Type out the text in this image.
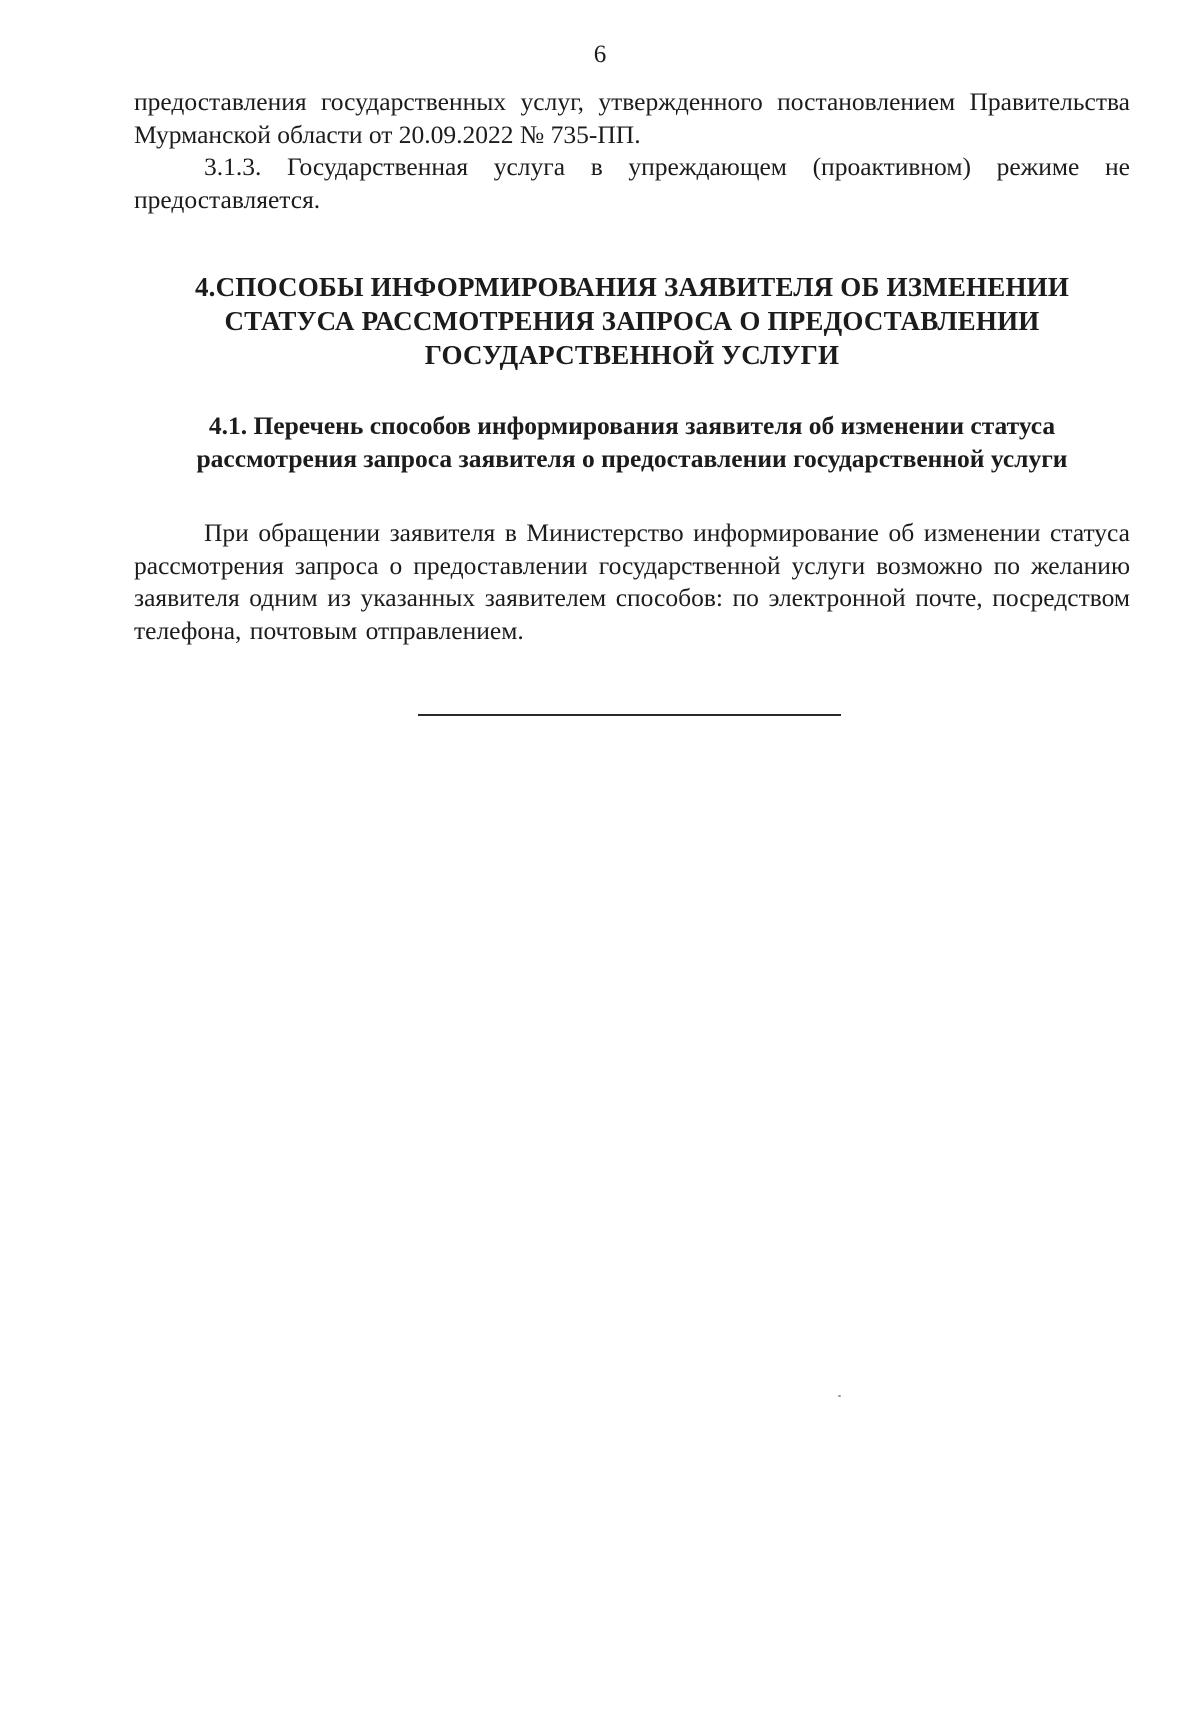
6

предоставления государственных услуг, утвержденного постановлением Правительства Мурманской области от 20.09.2022 № 735-ПП.

3.1.3. Государственная услуга в упреждающем (проактивном) режиме не предоставляется.

4.СПОСОБЫ ИНФОРМИРОВАНИЯ ЗАЯВИТЕЛЯ ОБ ИЗМЕНЕНИИ СТАТУСА РАССМОТРЕНИЯ ЗАПРОСА О ПРЕДОСТАВЛЕНИИ ГОСУДАРСТВЕННОЙ УСЛУГИ
4.1. Перечень способов информирования заявителя об изменении статуса рассмотрения запроса заявителя о предоставлении государственной услуги

При обращении заявителя в Министерство информирование об изменении статуса рассмотрения запроса о предоставлении государственной услуги возможно по желанию заявителя одним из указанных заявителем способов: по электронной почте, посредством телефона, почтовым отправлением.
